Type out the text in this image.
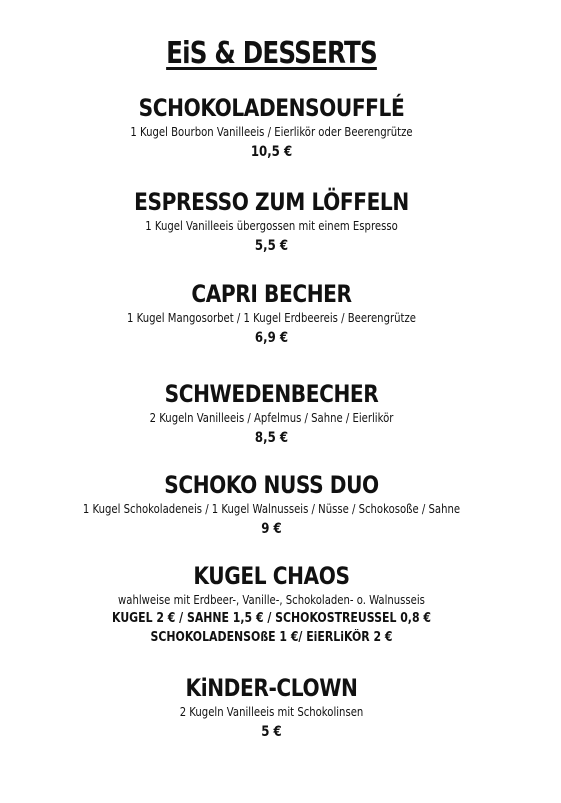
EiS & DESSERTS
SCHOKOLADENSOUFFLÉ
1 Kugel Bourbon Vanilleeis / Eierlikör oder Beerengrütze
10,5 €
ESPRESSO ZUM LÖFFELN
1 Kugel Vanilleeis übergossen mit einem Espresso
5,5 €
CAPRI BECHER
1 Kugel Mangosorbet / 1 Kugel Erdbeereis / Beerengrütze
6,9 €
SCHWEDENBECHER
2 Kugeln Vanilleeis / Apfelmus / Sahne / Eierlikör
8,5 €
SCHOKO NUSS DUO
1 Kugel Schokoladeneis / 1 Kugel Walnusseis / Nüsse / Schokosoße / Sahne
9 €
KUGEL CHAOS
wahlweise mit Erdbeer-, Vanille-, Schokoladen- o. Walnusseis
KUGEL 2 € / SAHNE 1,5 € / SCHOKOSTREUSSEL 0,8 €
SCHOKOLADENSOßE 1 €/ EiERLiKÖR 2 €
KiNDER-CLOWN
2 Kugeln Vanilleeis mit Schokolinsen
5 €
